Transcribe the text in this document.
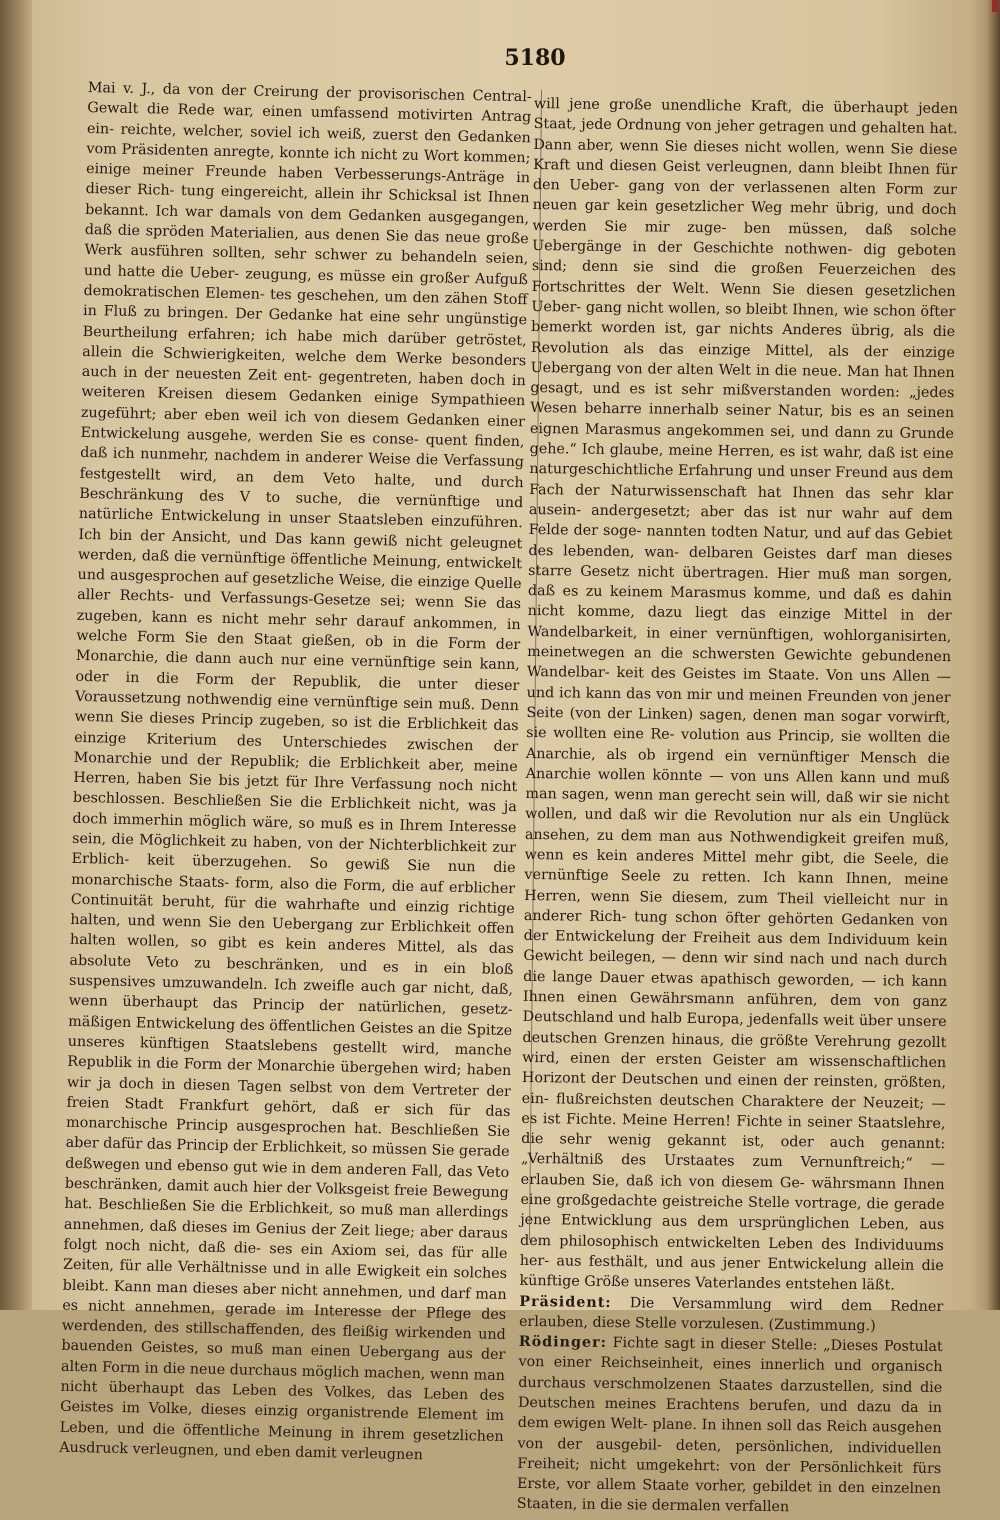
5180

Mai v. J., da von der Creirung der provisorischen Central-Gewalt die Rede war, einen umfassend motivirten Antrag ein- reichte, welcher, soviel ich weiß, zuerst den Gedanken vom Präsidenten anregte, konnte ich nicht zu Wort kommen; einige meiner Freunde haben Verbesserungs-Anträge in dieser Rich- tung eingereicht, allein ihr Schicksal ist Ihnen bekannt. Ich war damals von dem Gedanken ausgegangen, daß die spröden Materialien, aus denen Sie das neue große Werk ausführen sollten, sehr schwer zu behandeln seien, und hatte die Ueber- zeugung, es müsse ein großer Aufguß demokratischen Elemen- tes geschehen, um den zähen Stoff in Fluß zu bringen. Der Gedanke hat eine sehr ungünstige Beurtheilung erfahren; ich habe mich darüber getröstet, allein die Schwierigkeiten, welche dem Werke besonders auch in der neuesten Zeit ent- gegentreten, haben doch in weiteren Kreisen diesem Gedanken einige Sympathieen zugeführt; aber eben weil ich von diesem Gedanken einer Entwickelung ausgehe, werden Sie es conse- quent finden, daß ich nunmehr, nachdem in anderer Weise die Verfassung festgestellt wird, an dem Veto halte, und durch Beschränkung des V to suche, die vernünftige und natürliche Entwickelung in unser Staatsleben einzuführen. Ich bin der Ansicht, und Das kann gewiß nicht geleugnet werden, daß die vernünftige öffentliche Meinung, entwickelt und ausgesprochen auf gesetzliche Weise, die einzige Quelle aller Rechts- und Verfassungs-Gesetze sei; wenn Sie das zugeben, kann es nicht mehr sehr darauf ankommen, in welche Form Sie den Staat gießen, ob in die Form der Monarchie, die dann auch nur eine vernünftige sein kann, oder in die Form der Republik, die unter dieser Voraussetzung nothwendig eine vernünftige sein muß. Denn wenn Sie dieses Princip zugeben, so ist die Erblichkeit das einzige Kriterium des Unterschiedes zwischen der Monarchie und der Republik; die Erblichkeit aber, meine Herren, haben Sie bis jetzt für Ihre Verfassung noch nicht beschlossen. Beschließen Sie die Erblichkeit nicht, was ja doch immerhin möglich wäre, so muß es in Ihrem Interesse sein, die Möglichkeit zu haben, von der Nichterblichkeit zur Erblich- keit überzugehen. So gewiß Sie nun die monarchische Staats- form, also die Form, die auf erblicher Continuität beruht, für die wahrhafte und einzig richtige halten, und wenn Sie den Uebergang zur Erblichkeit offen halten wollen, so gibt es kein anderes Mittel, als das absolute Veto zu beschränken, und es in ein bloß suspensives umzuwandeln. Ich zweifle auch gar nicht, daß, wenn überhaupt das Princip der natürlichen, gesetz- mäßigen Entwickelung des öffentlichen Geistes an die Spitze unseres künftigen Staatslebens gestellt wird, manche Republik in die Form der Monarchie übergehen wird; haben wir ja doch in diesen Tagen selbst von dem Vertreter der freien Stadt Frankfurt gehört, daß er sich für das monarchische Princip ausgesprochen hat. Beschließen Sie aber dafür das Princip der Erblichkeit, so müssen Sie gerade deßwegen und ebenso gut wie in dem anderen Fall, das Veto beschränken, damit auch hier der Volksgeist freie Bewegung hat. Beschließen Sie die Erblichkeit, so muß man allerdings annehmen, daß dieses im Genius der Zeit liege; aber daraus folgt noch nicht, daß die- ses ein Axiom sei, das für alle Zeiten, für alle Verhältnisse und in alle Ewigkeit ein solches bleibt. Kann man dieses aber nicht annehmen, und darf man es nicht annehmen, gerade im Interesse der Pflege des werdenden, des stillschaffenden, des fleißig wirkenden und bauenden Geistes, so muß man einen Uebergang aus der alten Form in die neue durchaus möglich machen, wenn man nicht überhaupt das Leben des Volkes, das Leben des Geistes im Volke, dieses einzig organistrende Element im Leben, und die öffentliche Meinung in ihrem gesetzlichen Ausdruck verleugnen, und eben damit verleugnen

will jene große unendliche Kraft, die überhaupt jeden Staat, jede Ordnung von jeher getragen und gehalten hat. Dann aber, wenn Sie dieses nicht wollen, wenn Sie diese Kraft und diesen Geist verleugnen, dann bleibt Ihnen für den Ueber- gang von der verlassenen alten Form zur neuen gar kein gesetzlicher Weg mehr übrig, und doch werden Sie mir zuge- ben müssen, daß solche Uebergänge in der Geschichte nothwen- dig geboten sind; denn sie sind die großen Feuerzeichen des Fortschrittes der Welt. Wenn Sie diesen gesetzlichen Ueber- gang nicht wollen, so bleibt Ihnen, wie schon öfter bemerkt worden ist, gar nichts Anderes übrig, als die Revolution als das einzige Mittel, als der einzige Uebergang von der alten Welt in die neue. Man hat Ihnen gesagt, und es ist sehr mißverstanden worden: „jedes Wesen beharre innerhalb seiner Natur, bis es an seinen eignen Marasmus angekommen sei, und dann zu Grunde gehe.“ Ich glaube, meine Herren, es ist wahr, daß ist eine naturgeschichtliche Erfahrung und unser Freund aus dem Fach der Naturwissenschaft hat Ihnen das sehr klar ausein- andergesetzt; aber das ist nur wahr auf dem Felde der soge- nannten todten Natur, und auf das Gebiet des lebenden, wan- delbaren Geistes darf man dieses starre Gesetz nicht übertragen. Hier muß man sorgen, daß es zu keinem Marasmus komme, und daß es dahin nicht komme, dazu liegt das einzige Mittel in der Wandelbarkeit, in einer vernünftigen, wohlorganisirten, meinetwegen an die schwersten Gewichte gebundenen Wandelbar- keit des Geistes im Staate. Von uns Allen — und ich kann das von mir und meinen Freunden von jener Seite (von der Linken) sagen, denen man sogar vorwirft, sie wollten eine Re- volution aus Princip, sie wollten die Anarchie, als ob irgend ein vernünftiger Mensch die Anarchie wollen könnte — von uns Allen kann und muß man sagen, wenn man gerecht sein will, daß wir sie nicht wollen, und daß wir die Revolution nur als ein Unglück ansehen, zu dem man aus Nothwendigkeit greifen muß, wenn es kein anderes Mittel mehr gibt, die Seele, die vernünftige Seele zu retten. Ich kann Ihnen, meine Herren, wenn Sie diesem, zum Theil vielleicht nur in anderer Rich- tung schon öfter gehörten Gedanken von der Entwickelung der Freiheit aus dem Individuum kein Gewicht beilegen, — denn wir sind nach und nach durch die lange Dauer etwas apathisch geworden, — ich kann Ihnen einen Gewährsmann anführen, dem von ganz Deutschland und halb Europa, jedenfalls weit über unsere deutschen Grenzen hinaus, die größte Verehrung gezollt wird, einen der ersten Geister am wissenschaftlichen Horizont der Deutschen und einen der reinsten, größten, ein- flußreichsten deutschen Charaktere der Neuzeit; — es ist Fichte. Meine Herren! Fichte in seiner Staatslehre, die sehr wenig gekannt ist, oder auch genannt: „Verhältniß des Urstaates zum Vernunftreich;“ — erlauben Sie, daß ich von diesem Ge- währsmann Ihnen eine großgedachte geistreiche Stelle vortrage, die gerade jene Entwicklung aus dem ursprünglichen Leben, aus dem philosophisch entwickelten Leben des Individuums her- aus festhält, und aus jener Entwickelung allein die künftige Größe unseres Vaterlandes entstehen läßt.

Präsident: Die Versammlung wird dem Redner erlauben, diese Stelle vorzulesen. (Zustimmung.)

Rödinger: Fichte sagt in dieser Stelle: „Dieses Postulat von einer Reichseinheit, eines innerlich und organisch durchaus verschmolzenen Staates darzustellen, sind die Deutschen meines Erachtens berufen, und dazu da in dem ewigen Welt- plane. In ihnen soll das Reich ausgehen von der ausgebil- deten, persönlichen, individuellen Freiheit; nicht umgekehrt: von der Persönlichkeit fürs Erste, vor allem Staate vorher, gebildet in den einzelnen Staaten, in die sie dermalen verfallen
